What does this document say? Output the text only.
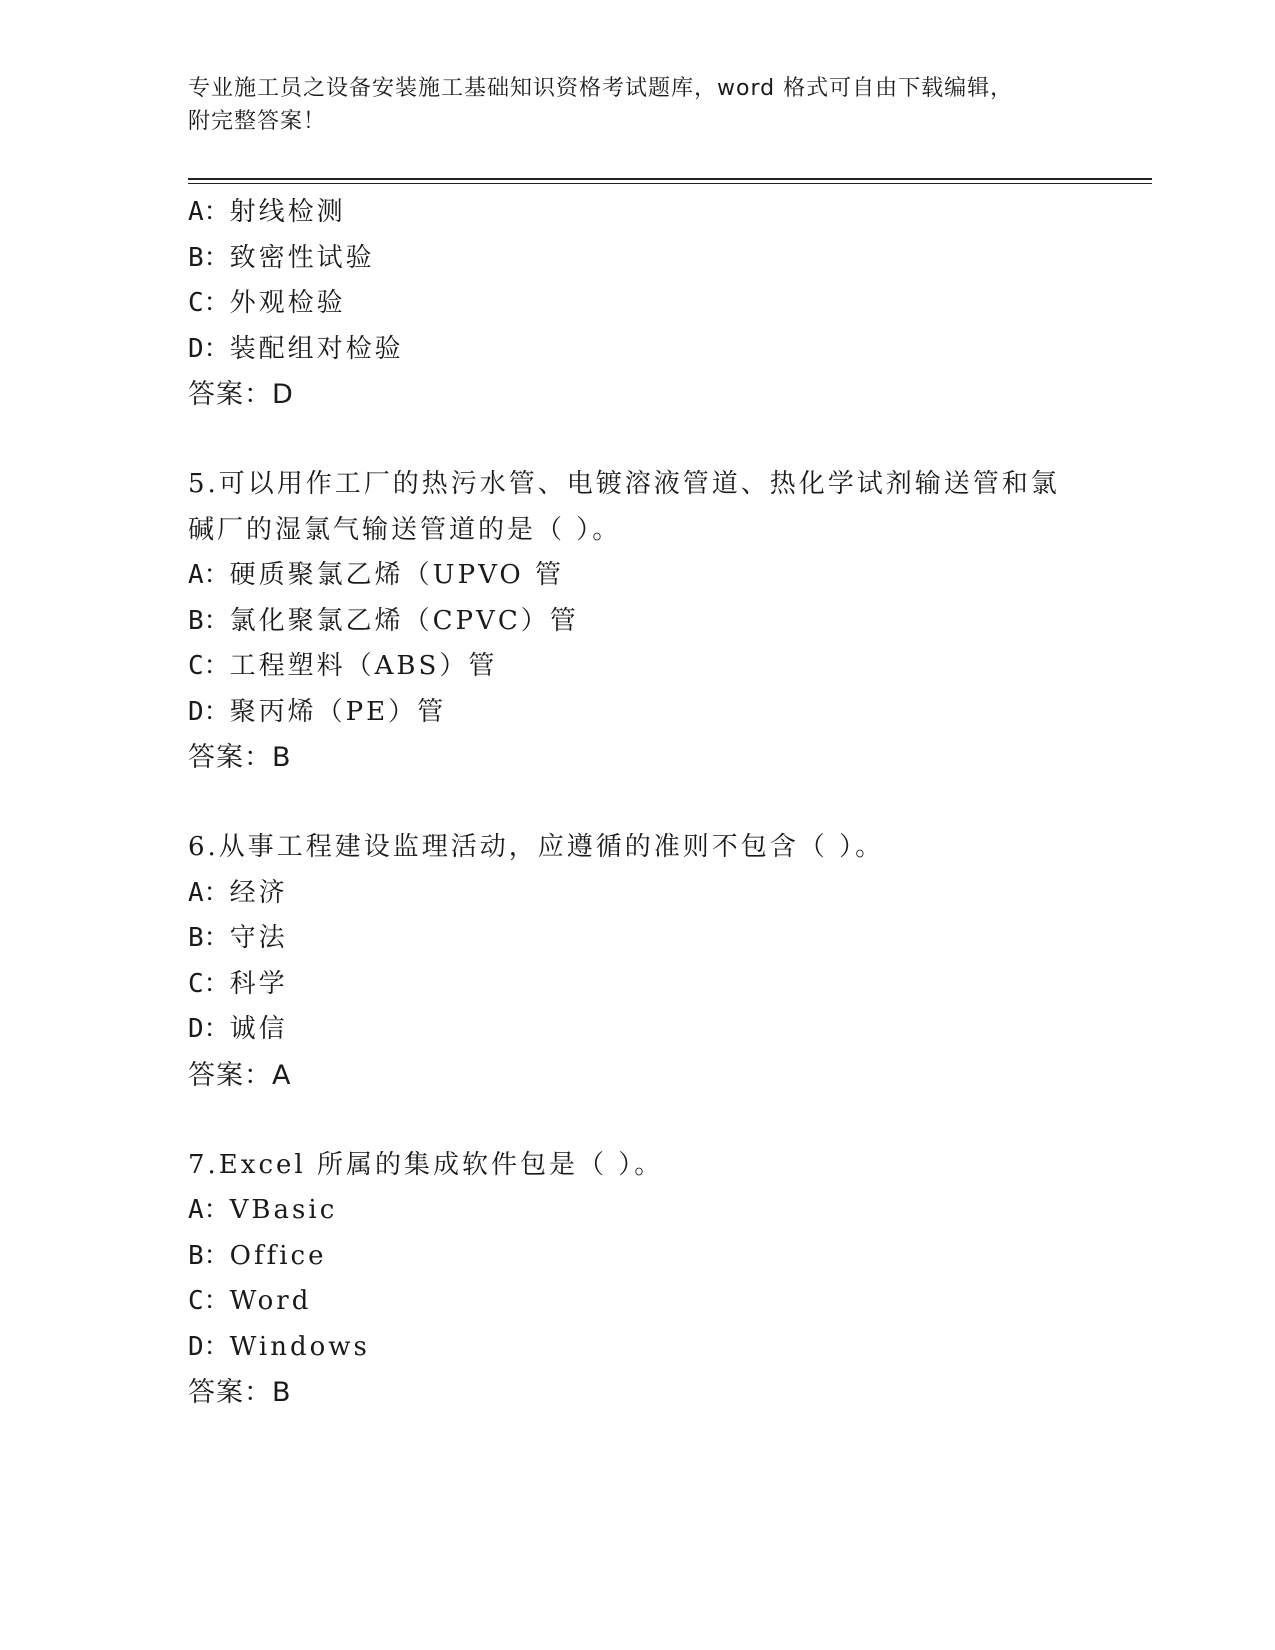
专业施工员之设备安装施工基础知识资格考试题库，word 格式可自由下载编辑，
附完整答案！
A：射线检测
B：致密性试验
C：外观检验
D：装配组对检验
答案：D
5.可以用作工厂的热污水管、电镀溶液管道、热化学试剂输送管和氯
碱厂的湿氯气输送管道的是（ ）。
A：硬质聚氯乙烯（UPVO 管
B：氯化聚氯乙烯（CPVC）管
C：工程塑料（ABS）管
D：聚丙烯（PE）管
答案：B
6.从事工程建设监理活动，应遵循的准则不包含（ ）。
A：经济
B：守法
C：科学
D：诚信
答案：A
7.Excel 所属的集成软件包是（ ）。
A：VBasic
B：Office
C：Word
D：Windows
答案：B
